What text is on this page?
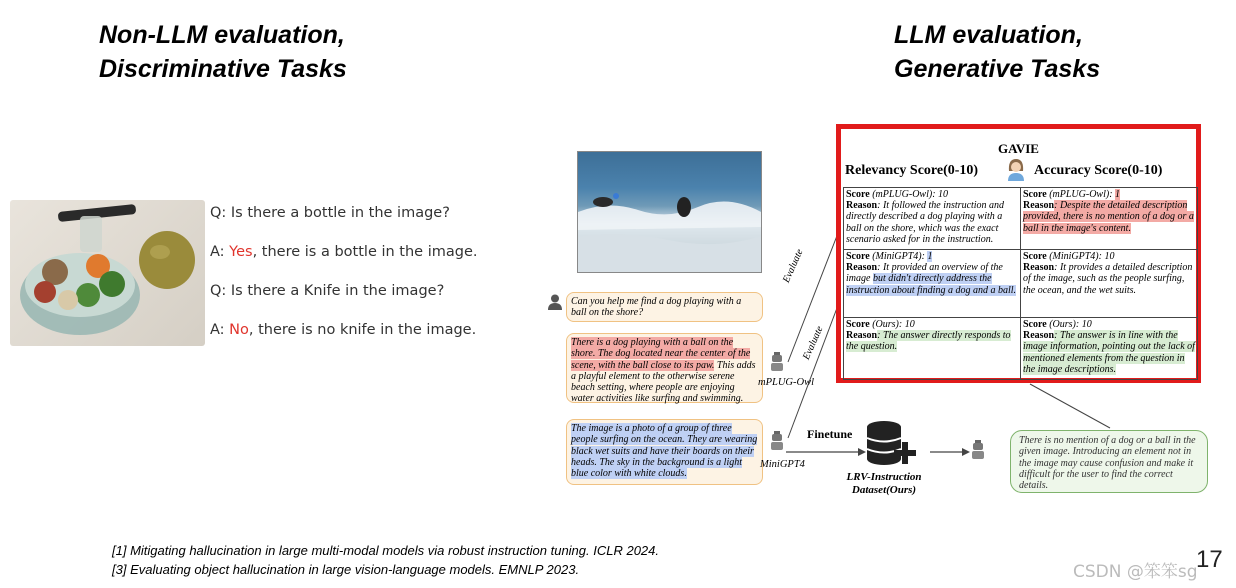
Non-LLM evaluation,
Discriminative Tasks
LLM evaluation,
Generative Tasks
Q: Is there a bottle in the image?
A: Yes, there is a bottle in the image.
Q: Is there a Knife in the image?
A: No, there is no knife in the image.
Can you help me find a dog playing with a ball on the shore?
There is a dog playing with a ball on the shore. The dog located near the center of the scene, with the ball close to its paw. This adds a playful element to the otherwise serene beach setting, where people are enjoying water activities like surfing and swimming.
The image is a photo of a group of three people surfing on the ocean. They are wearing black wet suits and have their boards on their heads. The sky in the background is a light blue color with white clouds.
mPLUG-Owl
MiniGPT4
Evaluate
Evaluate
Finetune
LRV-Instruction
Dataset(Ours)
There is no mention of a dog or a ball in the given image. Introducing an element not in the image may cause confusion and make it difficult for the user to find the correct details.
GAVIE
Relevancy Score(0-10)	Accuracy Score(0-10)
Score (mPLUG-Owl): 10
Reason: It followed the instruction and directly described a dog playing with a ball on the shore, which was the exact scenario asked for in the instruction.	Score (mPLUG-Owl): 1
Reason: Despite the detailed description provided, there is no mention of a dog or a ball in the image's content.
Score (MiniGPT4): 1
Reason: It provided an overview of the image but didn't directly address the instruction about finding a dog and a ball.	Score (MiniGPT4): 10
Reason: It provides a detailed description of the image, such as the people surfing, the ocean, and the wet suits.
Score (Ours): 10
Reason: The answer directly responds to the question.	Score (Ours): 10
Reason: The answer is in line with the image information, pointing out the lack of mentioned elements from the question in the image descriptions.
[1] Mitigating hallucination in large multi-modal models via robust instruction tuning. ICLR 2024.
[3] Evaluating object hallucination in large vision-language models. EMNLP 2023.	17
CSDN @笨笨sg
